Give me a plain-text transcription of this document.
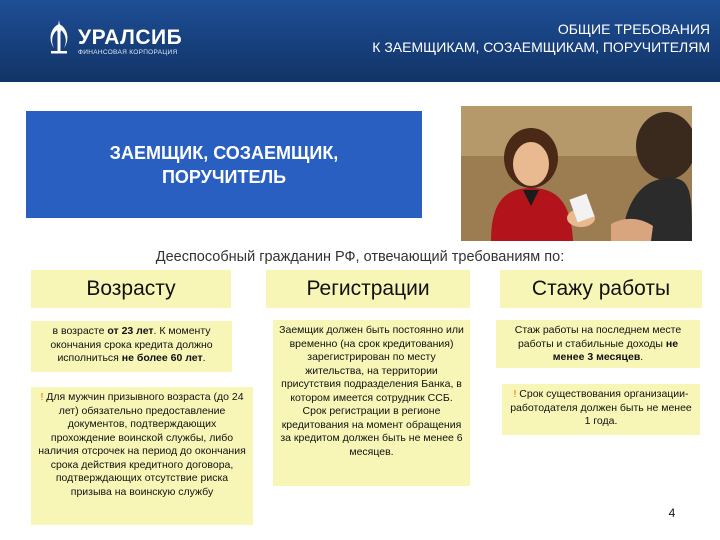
УРАЛСИБ
ФИНАНСОВАЯ КОРПОРАЦИЯ
ОБЩИЕ ТРЕБОВАНИЯ
К ЗАЕМЩИКАМ, СОЗАЕМЩИКАМ, ПОРУЧИТЕЛЯМ
ЗАЕМЩИК, СОЗАЕМЩИК,
ПОРУЧИТЕЛЬ
Дееспособный гражданин РФ, отвечающий требованиям по:
Возрасту	Регистрации	Стажу работы
в возрасте от 23 лет. К моменту окончания срока кредита должно исполниться не более 60 лет.
! Для мужчин призывного возраста (до 24 лет) обязательно предоставление документов, подтверждающих прохождение воинской службы, либо наличия отсрочек на период до окончания срока действия кредитного договора, подтверждающих отсутствие риска призыва на воинскую службу
Заемщик должен быть постоянно или временно (на срок кредитования) зарегистрирован по месту жительства, на территории присутствия подразделения Банка, в котором имеется сотрудник ССБ. Срок регистрации в регионе кредитования на момент обращения за кредитом должен быть не менее 6 месяцев.
Стаж работы на последнем месте работы и стабильные доходы не менее 3 месяцев.
! Срок существования организации-работодателя должен быть не менее 1 года.
4
